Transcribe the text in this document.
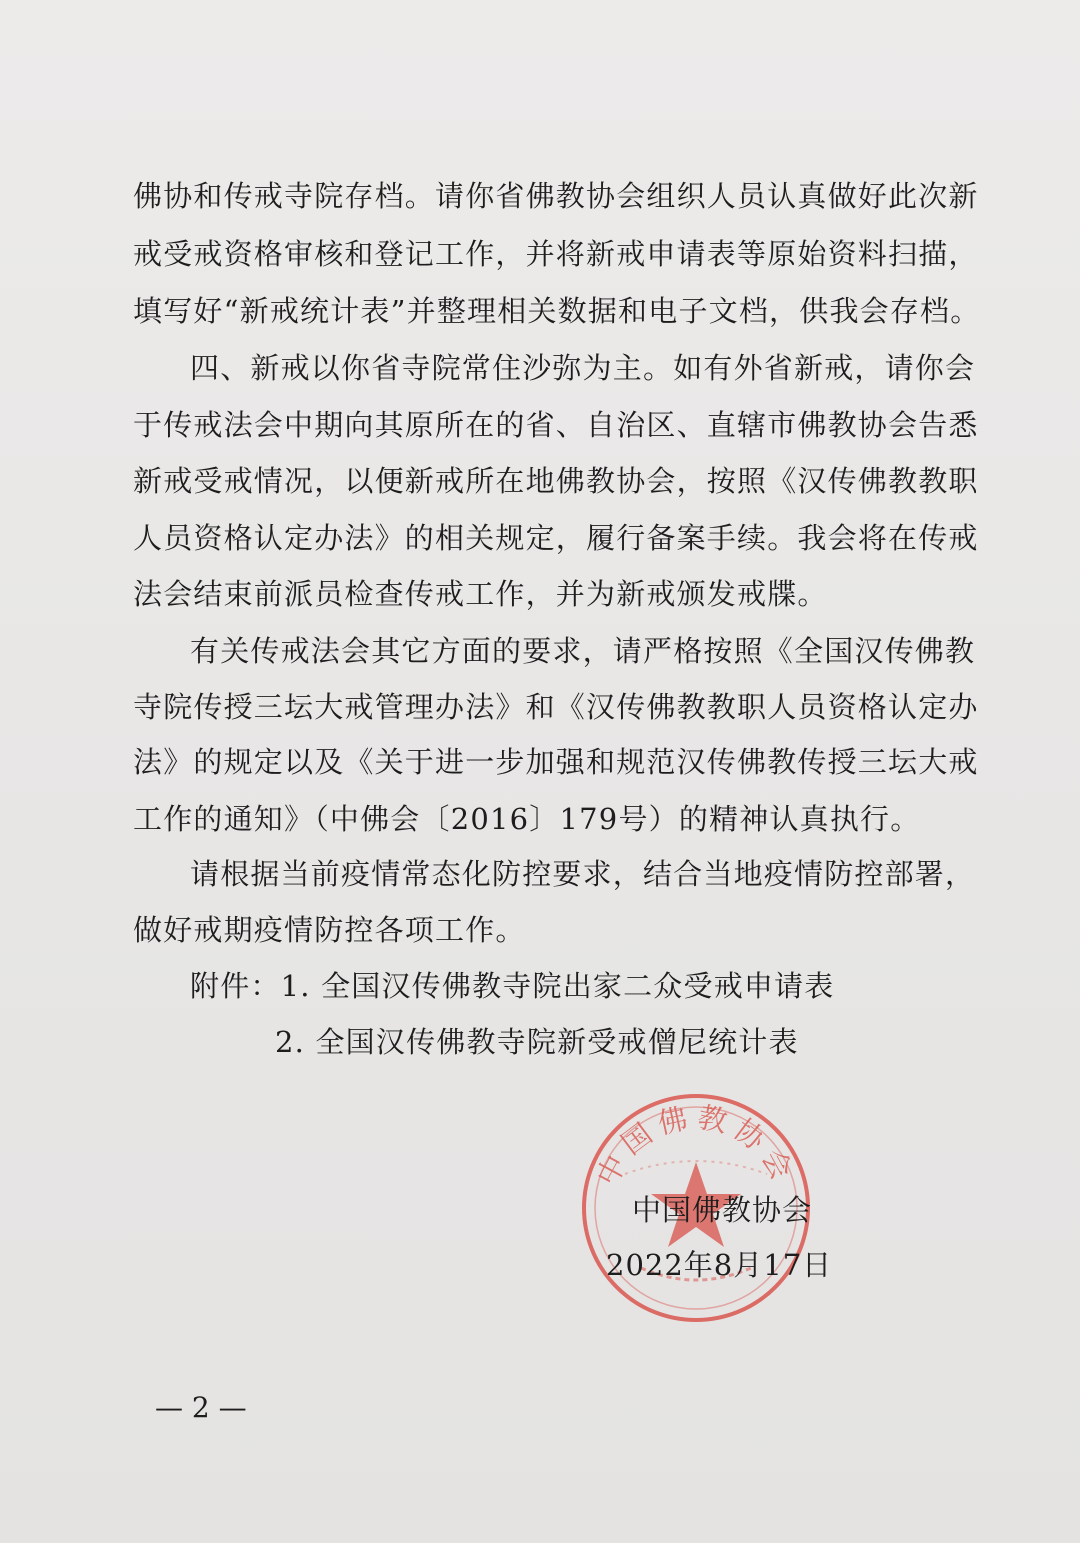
佛协和传戒寺院存档。请你省佛教协会组织人员认真做好此次新
戒受戒资格审核和登记工作，并将新戒申请表等原始资料扫描，
填写好“新戒统计表”并整理相关数据和电子文档，供我会存档。
四、新戒以你省寺院常住沙弥为主。如有外省新戒，请你会
于传戒法会中期向其原所在的省、自治区、直辖市佛教协会告悉
新戒受戒情况，以便新戒所在地佛教协会，按照《汉传佛教教职
人员资格认定办法》的相关规定，履行备案手续。我会将在传戒
法会结束前派员检查传戒工作，并为新戒颁发戒牒。
有关传戒法会其它方面的要求，请严格按照《全国汉传佛教
寺院传授三坛大戒管理办法》和《汉传佛教教职人员资格认定办
法》的规定以及《关于进一步加强和规范汉传佛教传授三坛大戒
工作的通知》（中佛会〔2016〕179号）的精神认真执行。
请根据当前疫情常态化防控要求，结合当地疫情防控部署，
做好戒期疫情防控各项工作。
附件：1. 全国汉传佛教寺院出家二众受戒申请表
2. 全国汉传佛教寺院新受戒僧尼统计表
中国佛教协会
中国佛教协会
2022年8月17日
— 2 —
